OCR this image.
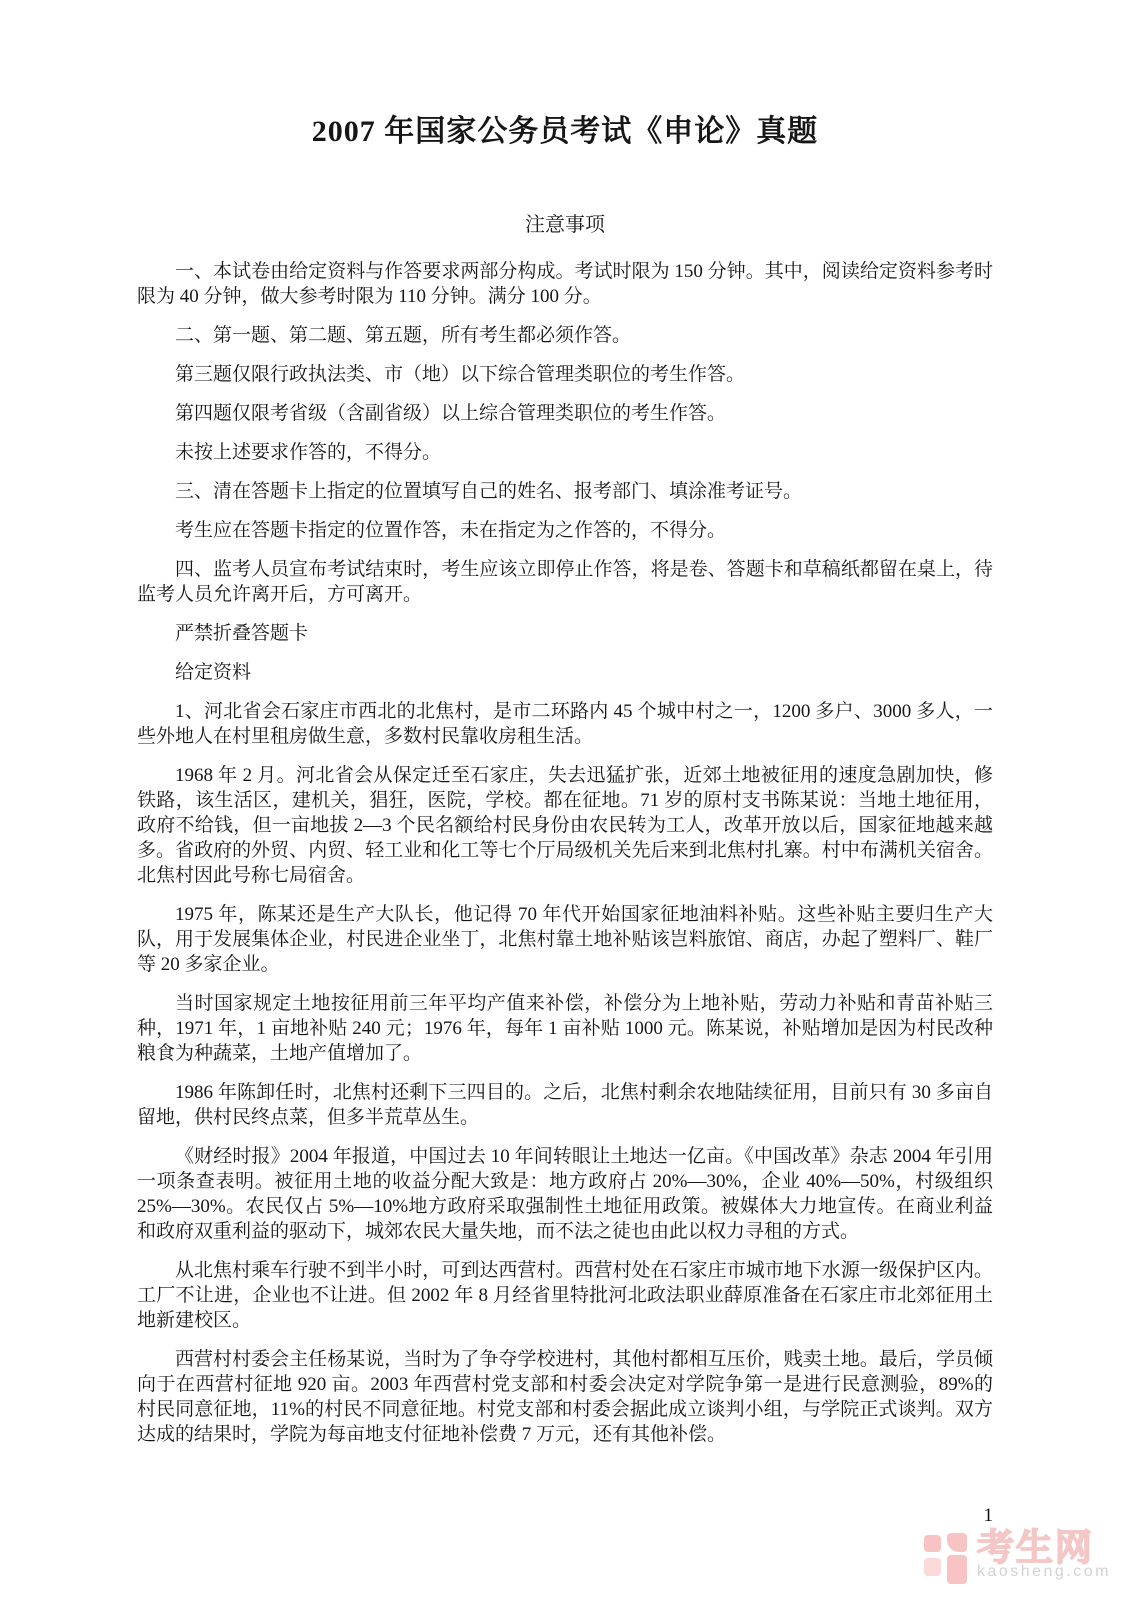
2007 年国家公务员考试《申论》真题
注意事项

一、本试卷由给定资料与作答要求两部分构成。考试时限为 150 分钟。其中，阅读给定资料参考时限为 40 分钟，做大参考时限为 110 分钟。满分 100 分。

二、第一题、第二题、第五题，所有考生都必须作答。

第三题仅限行政执法类、市（地）以下综合管理类职位的考生作答。

第四题仅限考省级（含副省级）以上综合管理类职位的考生作答。

未按上述要求作答的，不得分。

三、清在答题卡上指定的位置填写自己的姓名、报考部门、填涂准考证号。

考生应在答题卡指定的位置作答，未在指定为之作答的，不得分。

四、监考人员宣布考试结束时，考生应该立即停止作答，将是卷、答题卡和草稿纸都留在桌上，待监考人员允许离开后，方可离开。

严禁折叠答题卡

给定资料

1、河北省会石家庄市西北的北焦村，是市二环路内 45 个城中村之一，1200 多户、3000 多人，一些外地人在村里租房做生意，多数村民靠收房租生活。

1968 年 2 月。河北省会从保定迁至石家庄，失去迅猛扩张，近郊土地被征用的速度急剧加快，修铁路，该生活区，建机关，猖狂，医院，学校。都在征地。71 岁的原村支书陈某说：当地土地征用，政府不给钱，但一亩地拔 2—3 个民名额给村民身份由农民转为工人，改革开放以后，国家征地越来越多。省政府的外贸、内贸、轻工业和化工等七个厅局级机关先后来到北焦村扎寨。村中布满机关宿舍。北焦村因此号称七局宿舍。

1975 年，陈某还是生产大队长，他记得 70 年代开始国家征地油料补贴。这些补贴主要归生产大队，用于发展集体企业，村民进企业坐丁，北焦村靠土地补贴该岂料旅馆、商店，办起了塑料厂、鞋厂等 20 多家企业。

当时国家规定土地按征用前三年平均产值来补偿，补偿分为上地补贴，劳动力补贴和青苗补贴三种，1971 年，1 亩地补贴 240 元；1976 年，每年 1 亩补贴 1000 元。陈某说，补贴增加是因为村民改种粮食为种蔬菜，土地产值增加了。

1986 年陈卸任时，北焦村还剩下三四目的。之后，北焦村剩余农地陆续征用，目前只有 30 多亩自留地，供村民终点菜，但多半荒草丛生。

《财经时报》2004 年报道，中国过去 10 年间转眼让土地达一亿亩。《中国改革》杂志 2004 年引用一项条查表明。被征用土地的收益分配大致是：地方政府占 20%—30%，企业 40%—50%，村级组织 25%—30%。农民仅占 5%—10%地方政府采取强制性土地征用政策。被媒体大力地宣传。在商业利益和政府双重利益的驱动下，城郊农民大量失地，而不法之徒也由此以权力寻租的方式。

从北焦村乘车行驶不到半小时，可到达西营村。西营村处在石家庄市城市地下水源一级保护区内。工厂不让进，企业也不让进。但 2002 年 8 月经省里特批河北政法职业薛原准备在石家庄市北郊征用土地新建校区。

西营村村委会主任杨某说，当时为了争夺学校进村，其他村都相互压价，贱卖土地。最后，学员倾向于在西营村征地 920 亩。2003 年西营村党支部和村委会决定对学院争第一是进行民意测验，89%的村民同意征地，11%的村民不同意征地。村党支部和村委会据此成立谈判小组，与学院正式谈判。双方达成的结果时，学院为每亩地支付征地补偿费 7 万元，还有其他补偿。

1
考生网
kaosheng.com
